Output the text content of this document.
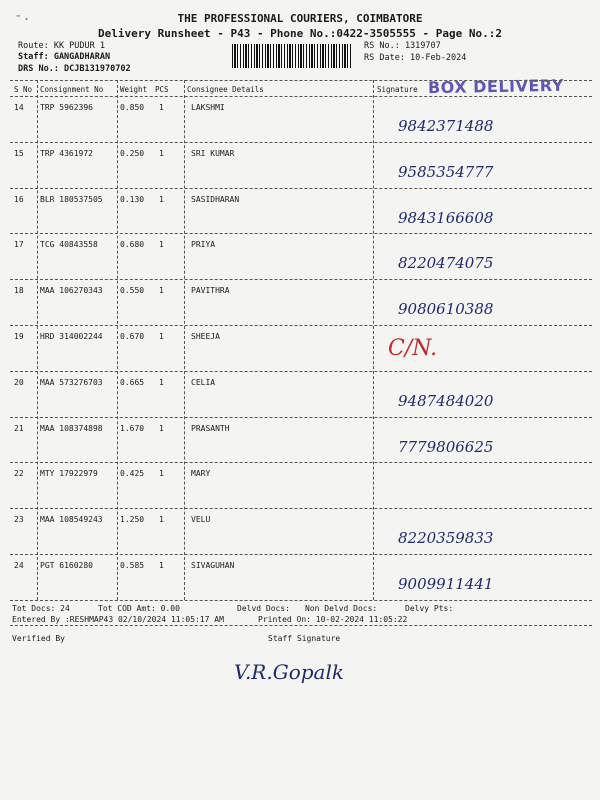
-.	THE PROFESSIONAL COURIERS, COIMBATORE
Delivery Runsheet - P43 - Phone No.:0422-3505555 - Page No.:2
Route: KK PUDUR 1
Staff: GANGADHARAN
DRS No.: DCJB131970702
RS No.: 1319707
RS Date: 10-Feb-2024
BOX DELIVERY
S No Consignment No Weight PCS Consignee Details	Signature
14 TRP 5962396	0.850 1	LAKSHMI
9842371488
15 TRP 4361972	0.250 1	SRI KUMAR
9585354777
16 BLR 180537505 0.130 1	SASIDHARAN
9843166608
17 TCG 40843558	0.680 1	PRIYA
8220474075
18 MAA 106270343 0.550 1	PAVITHRA
9080610388
19 HRD 314002244 0.670 1	SHEEJA	C/N.
20 MAA 573276703 0.665 1	CELIA
9487484020
21 MAA 108374898 1.670 1	PRASANTH
7779806625
22 MTY 17922979	0.425 1	MARY
23 MAA 108549243 1.250 1	VELU
8220359833
24 PGT 6160280	0.585 1	SIVAGUHAN
9009911441
Tot Docs: 24	Tot COD Amt: 0.00	Delvd Docs: Non Delvd Docs:	Delvy Pts:
Entered By :RESHMAP43 02/10/2024 11:05:17 AM	Printed On: 10-02-2024 11:05:22
Verified By	Staff Signature
V.R.Gopalk
